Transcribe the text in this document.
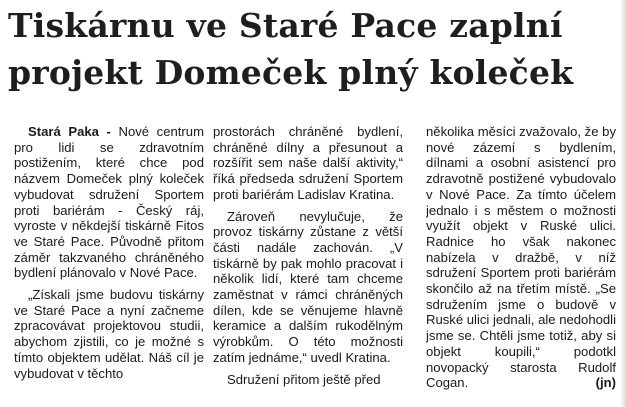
Tiskárnu ve Staré Pace zaplní projekt Domeček plný koleček

Stará Paka - Nové centrum pro lidi se zdravotním postižením, které chce pod názvem Domeček plný koleček vybudovat sdružení Sportem proti bariérám - Český ráj, vyroste v někdejší tiskárně Fitos ve Staré Pace. Původně přitom záměr takzvaného chráněného bydlení plánovalo v Nové Pace.

„Získali jsme budovu tiskárny ve Staré Pace a nyní začneme zpracovávat projektovou studii, abychom zjistili, co je možné s tímto objektem udělat. Náš cíl je vybudovat v těchto

prostorách chráněné bydlení, chráněné dílny a přesunout a rozšířit sem naše další aktivity,“ říká předseda sdružení Sportem proti bariérám Ladislav Kratina.

Zároveň nevylučuje, že provoz tiskárny zůstane z větší části nadále zachován. „V tiskárně by pak mohlo pracovat i několik lidí, které tam chceme zaměstnat v rámci chráněných dílen, kde se věnujeme hlavně keramice a dalším rukodělným výrobkům. O této možnosti zatím jednáme,“ uvedl Kratina.

Sdružení přitom ještě před

několika měsíci zvažovalo, že by nové zázemí s bydlením, dílnami a osobní asistencí pro zdravotně postižené vybudovalo v Nové Pace. Za tímto účelem jednalo i s městem o možnosti využít objekt v Ruské ulici. Radnice ho však nakonec nabízela v dražbě, v níž sdružení Sportem proti bariérám skončilo až na třetím místě. „Se sdružením jsme o budově v Ruské ulici jednali, ale nedohodli jsme se. Chtěli jsme totiž, aby si objekt koupili,“ podotkl novopacký starosta Rudolf Cogan.	(jn)
